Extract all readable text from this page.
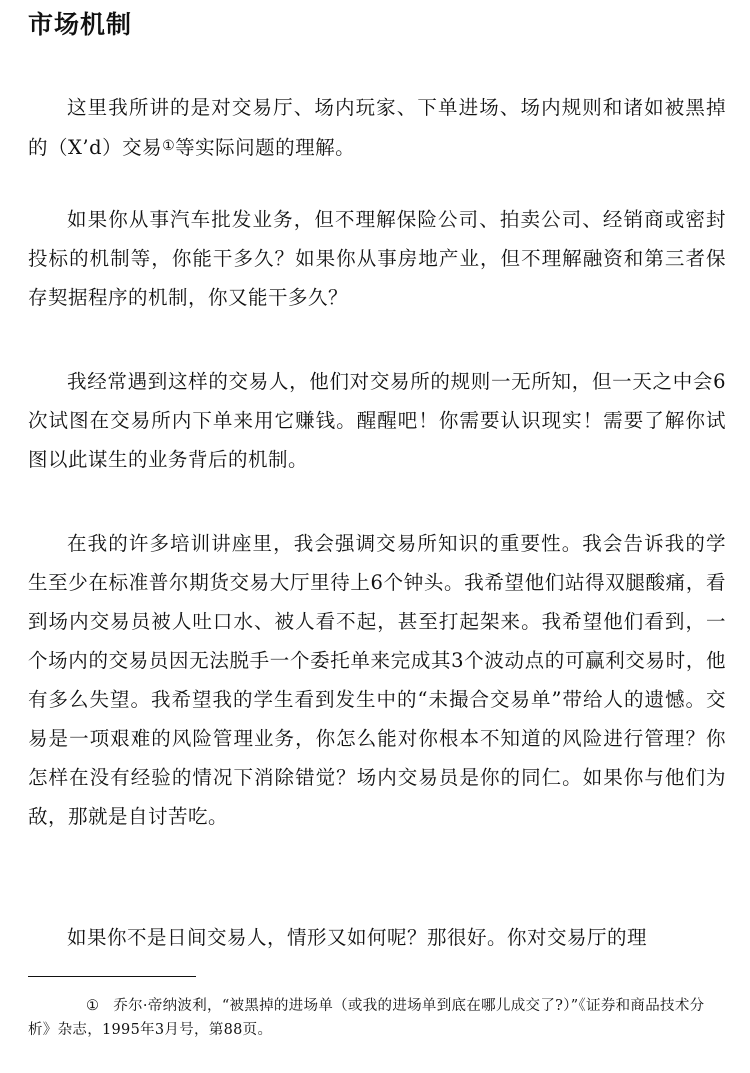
市场机制

这里我所讲的是对交易厅、场内玩家、下单进场、场内规则和诸如被黑掉的（X’d）交易①等实际问题的理解。

如果你从事汽车批发业务，但不理解保险公司、拍卖公司、经销商或密封投标的机制等，你能干多久？如果你从事房地产业，但不理解融资和第三者保存契据程序的机制，你又能干多久？

我经常遇到这样的交易人，他们对交易所的规则一无所知，但一天之中会6次试图在交易所内下单来用它赚钱。醒醒吧！你需要认识现实！需要了解你试图以此谋生的业务背后的机制。

在我的许多培训讲座里，我会强调交易所知识的重要性。我会告诉我的学生至少在标准普尔期货交易大厅里待上6个钟头。我希望他们站得双腿酸痛，看到场内交易员被人吐口水、被人看不起，甚至打起架来。我希望他们看到，一个场内的交易员因无法脱手一个委托单来完成其3个波动点的可赢利交易时，他有多么失望。我希望我的学生看到发生中的“未撮合交易单”带给人的遗憾。交易是一项艰难的风险管理业务，你怎么能对你根本不知道的风险进行管理？你怎样在没有经验的情况下消除错觉？场内交易员是你的同仁。如果你与他们为敌，那就是自讨苦吃。

如果你不是日间交易人，情形又如何呢？那很好。你对交易厅的理

① 乔尔·帝纳波利，“被黑掉的进场单（或我的进场单到底在哪儿成交了?）”《证券和商品技术分析》杂志，1995年3月号，第88页。
